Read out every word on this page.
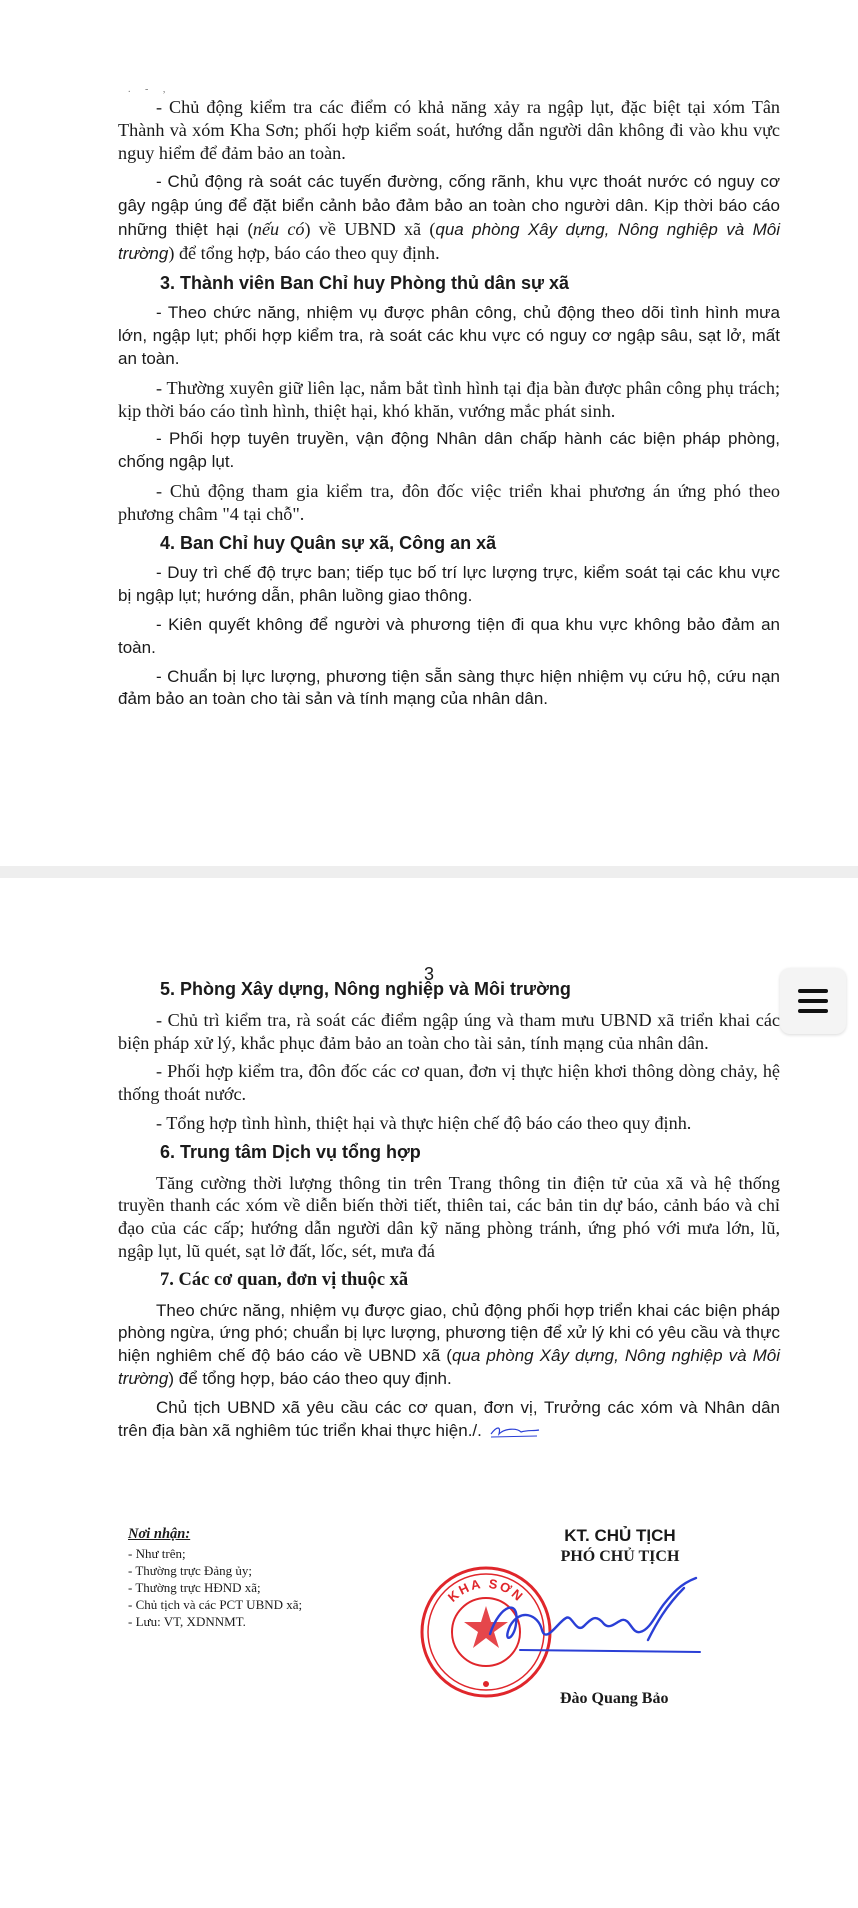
. - ,

- Chủ động kiểm tra các điểm có khả năng xảy ra ngập lụt, đặc biệt tại xóm Tân Thành và xóm Kha Sơn; phối hợp kiểm soát, hướng dẫn người dân không đi vào khu vực nguy hiểm để đảm bảo an toàn.

- Chủ động rà soát các tuyến đường, cống rãnh, khu vực thoát nước có nguy cơ gây ngập úng để đặt biển cảnh bảo đảm bảo an toàn cho người dân. Kịp thời báo cáo những thiệt hại (nếu có) về UBND xã (qua phòng Xây dựng, Nông nghiệp và Môi trường) để tổng hợp, báo cáo theo quy định.

3. Thành viên Ban Chỉ huy Phòng thủ dân sự xã

- Theo chức năng, nhiệm vụ được phân công, chủ động theo dõi tình hình mưa lớn, ngập lụt; phối hợp kiểm tra, rà soát các khu vực có nguy cơ ngập sâu, sạt lở, mất an toàn.

- Thường xuyên giữ liên lạc, nắm bắt tình hình tại địa bàn được phân công phụ trách; kịp thời báo cáo tình hình, thiệt hại, khó khăn, vướng mắc phát sinh.

- Phối hợp tuyên truyền, vận động Nhân dân chấp hành các biện pháp phòng, chống ngập lụt.

- Chủ động tham gia kiểm tra, đôn đốc việc triển khai phương án ứng phó theo phương châm "4 tại chỗ".

4. Ban Chỉ huy Quân sự xã, Công an xã

- Duy trì chế độ trực ban; tiếp tục bố trí lực lượng trực, kiểm soát tại các khu vực bị ngập lụt; hướng dẫn, phân luồng giao thông.

- Kiên quyết không để người và phương tiện đi qua khu vực không bảo đảm an toàn.

- Chuẩn bị lực lượng, phương tiện sẵn sàng thực hiện nhiệm vụ cứu hộ, cứu nạn đảm bảo an toàn cho tài sản và tính mạng của nhân dân.

3

5. Phòng Xây dựng, Nông nghiệp và Môi trường

- Chủ trì kiểm tra, rà soát các điểm ngập úng và tham mưu UBND xã triển khai các biện pháp xử lý, khắc phục đảm bảo an toàn cho tài sản, tính mạng của nhân dân.

- Phối hợp kiểm tra, đôn đốc các cơ quan, đơn vị thực hiện khơi thông dòng chảy, hệ thống thoát nước.

- Tổng hợp tình hình, thiệt hại và thực hiện chế độ báo cáo theo quy định.

6. Trung tâm Dịch vụ tổng hợp

Tăng cường thời lượng thông tin trên Trang thông tin điện tử của xã và hệ thống truyền thanh các xóm về diễn biến thời tiết, thiên tai, các bản tin dự báo, cảnh báo và chỉ đạo của các cấp; hướng dẫn người dân kỹ năng phòng tránh, ứng phó với mưa lớn, lũ, ngập lụt, lũ quét, sạt lở đất, lốc, sét, mưa đá

7. Các cơ quan, đơn vị thuộc xã

Theo chức năng, nhiệm vụ được giao, chủ động phối hợp triển khai các biện pháp phòng ngừa, ứng phó; chuẩn bị lực lượng, phương tiện để xử lý khi có yêu cầu và thực hiện nghiêm chế độ báo cáo về UBND xã (qua phòng Xây dựng, Nông nghiệp và Môi trường) để tổng hợp, báo cáo theo quy định.

Chủ tịch UBND xã yêu cầu các cơ quan, đơn vị, Trưởng các xóm và Nhân dân trên địa bàn xã nghiêm túc triển khai thực hiện./.

Nơi nhận:
- Như trên;
- Thường trực Đảng ủy;
- Thường trực HĐND xã;
- Chủ tịch và các PCT UBND xã;
- Lưu: VT, XDNNMT.
KT. CHỦ TỊCH
PHÓ CHỦ TỊCH
KHA SƠN
Đào Quang Bảo
